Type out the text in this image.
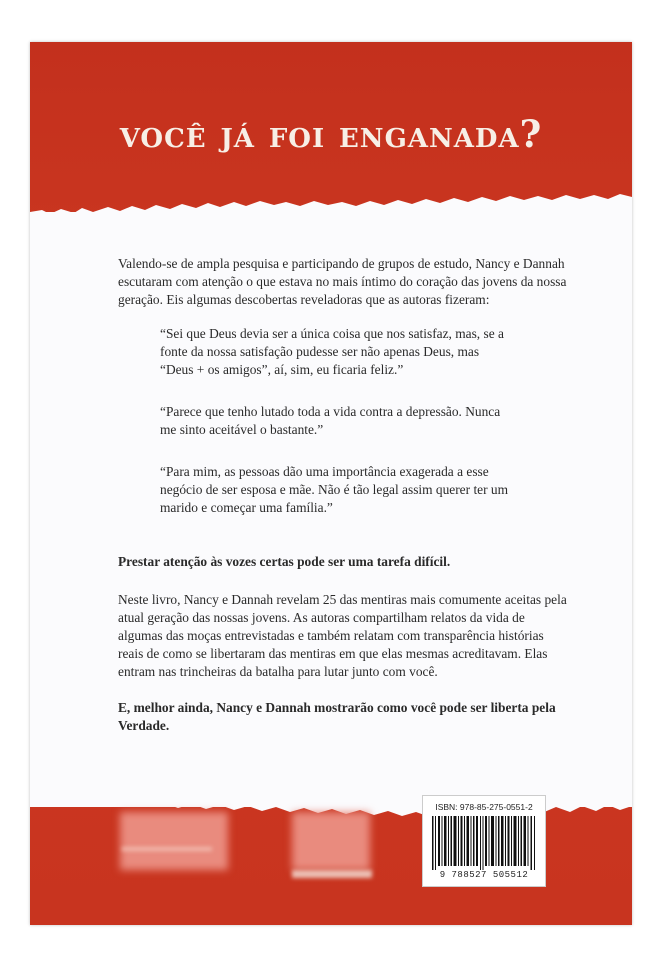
você já foi enganada?

Valendo-se de ampla pesquisa e participando de grupos de estudo, Nancy e Dannah escutaram com atenção o que estava no mais íntimo do coração das jovens da nossa geração. Eis algumas descobertas reveladoras que as autoras fizeram:

“Sei que Deus devia ser a única coisa que nos satisfaz, mas, se a fonte da nossa satisfação pudesse ser não apenas Deus, mas “Deus + os amigos”, aí, sim, eu ficaria feliz.”

“Parece que tenho lutado toda a vida contra a depressão. Nunca me sinto aceitável o bastante.”

“Para mim, as pessoas dão uma importância exagerada a esse negócio de ser esposa e mãe. Não é tão legal assim querer ter um marido e começar uma família.”

Prestar atenção às vozes certas pode ser uma tarefa difícil.

Neste livro, Nancy e Dannah revelam 25 das mentiras mais comumente aceitas pela atual geração das nossas jovens. As autoras compartilham relatos da vida de algumas das moças entrevistadas e também relatam com transparência histórias reais de como se libertaram das mentiras em que elas mesmas acreditavam. Elas entram nas trincheiras da batalha para lutar junto com você.

E, melhor ainda, Nancy e Dannah mostrarão como você pode ser liberta pela Verdade.

ISBN: 978-85-275-0551-2

9 788527 505512
